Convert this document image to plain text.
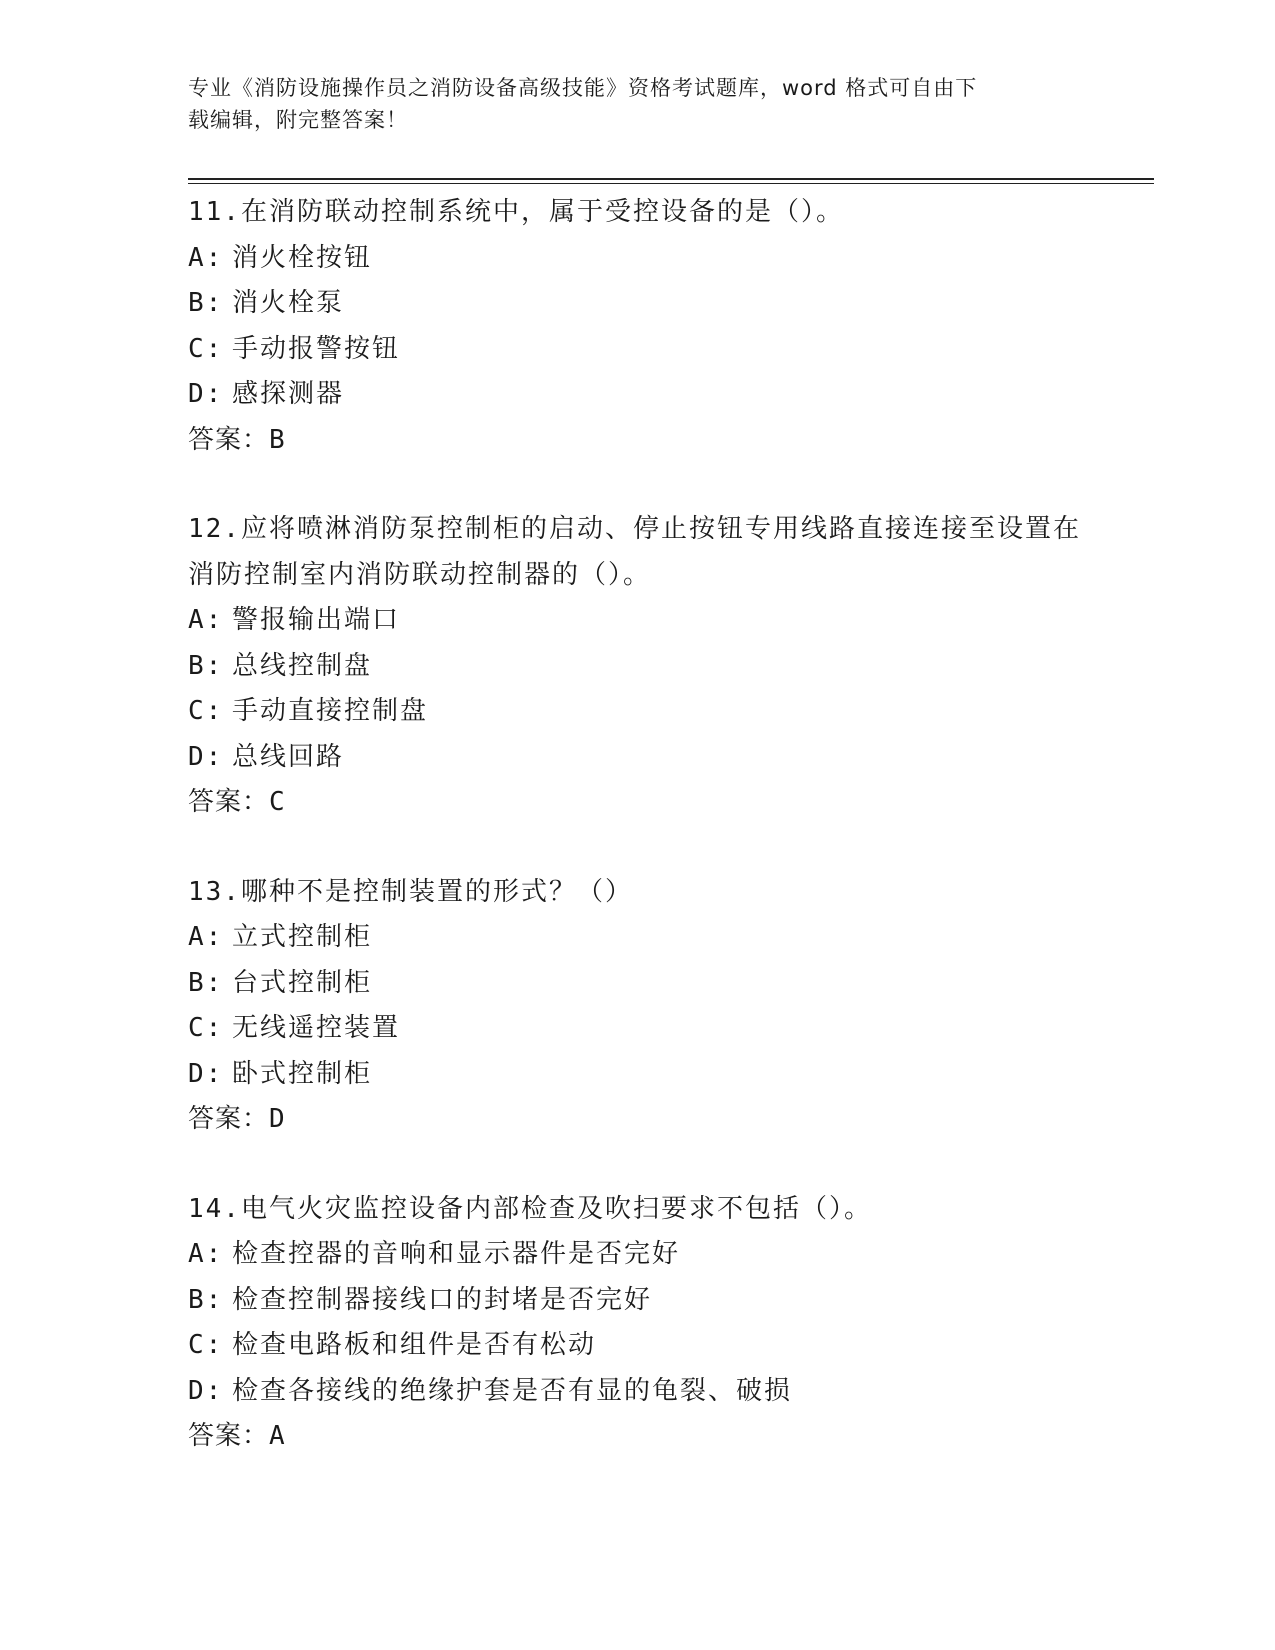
专业《消防设施操作员之消防设备高级技能》资格考试题库，word 格式可自由下
载编辑，附完整答案！
11.在消防联动控制系统中，属于受控设备的是（）。
A: 消火栓按钮
B: 消火栓泵
C: 手动报警按钮
D: 感探测器
答案：B
12.应将喷淋消防泵控制柜的启动、停止按钮专用线路直接连接至设置在消防控制室内消防联动控制器的（）。
A: 警报输出端口
B: 总线控制盘
C: 手动直接控制盘
D: 总线回路
答案：C
13.哪种不是控制装置的形式？（）
A: 立式控制柜
B: 台式控制柜
C: 无线遥控装置
D: 卧式控制柜
答案：D
14.电气火灾监控设备内部检查及吹扫要求不包括（）。
A: 检查控器的音响和显示器件是否完好
B: 检查控制器接线口的封堵是否完好
C: 检查电路板和组件是否有松动
D: 检查各接线的绝缘护套是否有显的龟裂、破损
答案：A
